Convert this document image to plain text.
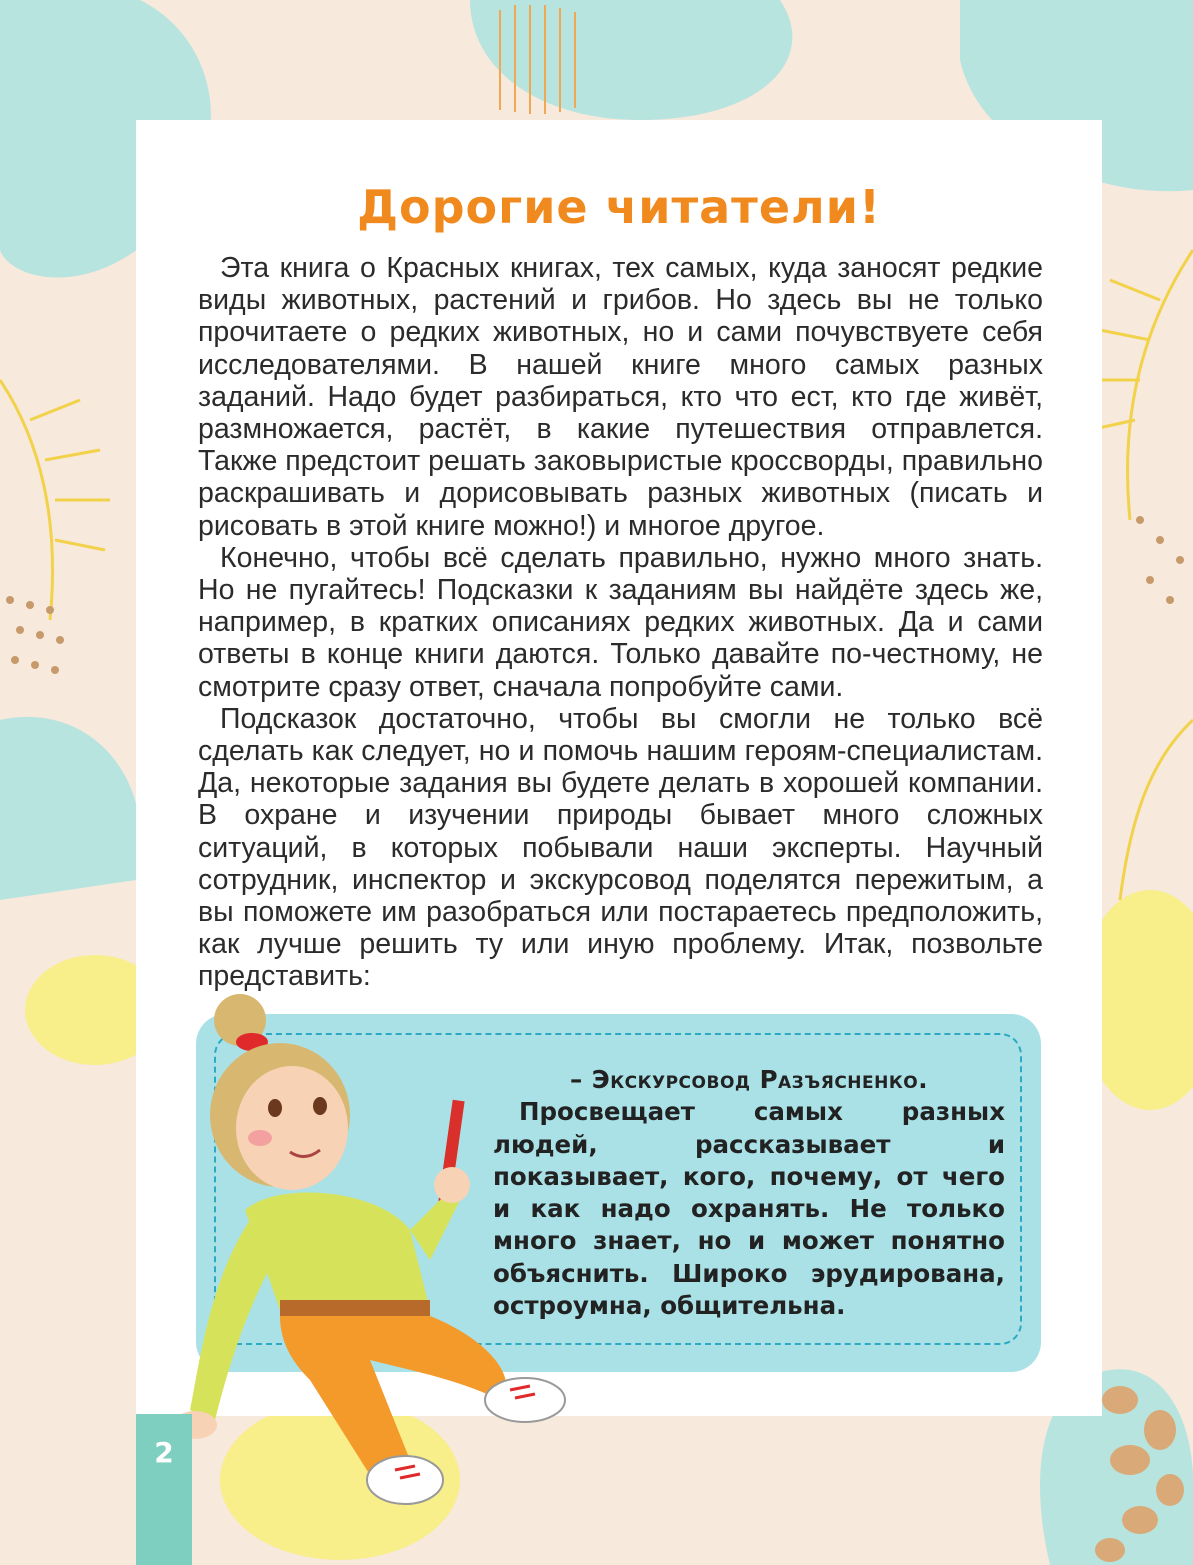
Дорогие читатели!

Эта книга о Красных книгах, тех самых, куда заносят редкие виды животных, растений и грибов. Но здесь вы не только прочитаете о редких животных, но и сами почувствуете себя исследователями. В нашей книге много самых разных заданий. Надо будет разбираться, кто что ест, кто где живёт, размножается, растёт, в какие путешествия отправлется. Также предстоит решать заковыристые кроссворды, правильно раскрашивать и дорисовывать разных животных (писать и рисовать в этой книге можно!) и многое другое.

Конечно, чтобы всё сделать правильно, нужно много знать. Но не пугайтесь! Подсказки к заданиям вы найдёте здесь же, например, в кратких описаниях редких животных. Да и сами ответы в конце книги даются. Только давайте по-честному, не смотрите сразу ответ, сначала попробуйте сами.

Подсказок достаточно, чтобы вы смогли не только всё сделать как следует, но и помочь нашим героям-специалистам. Да, некоторые задания вы будете делать в хорошей компании. В охране и изучении природы бывает много сложных ситуаций, в которых побывали наши эксперты. Научный сотрудник, инспектор и экскурсовод поделятся пережитым, а вы поможете им разобраться или постараетесь предположить, как лучше решить ту или иную проблему. Итак, позвольте представить:

– Экскурсовод Разъясненко.

Просвещает самых разных людей, рассказывает и показывает, кого, почему, от чего и как надо охранять. Не только много знает, но и может понятно объяснить. Широко эрудирована, остроумна, общительна.

2
